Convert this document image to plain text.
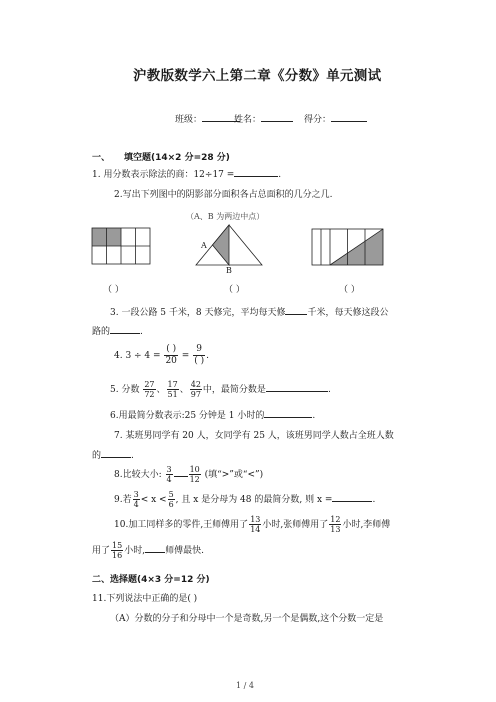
沪教版数学六上第二章《分数》单元测试
班级：	姓名：	得分：
一、 填空题(14×2 分=28 分)
1. 用分数表示除法的商：12÷17 =	.
2.写出下列图中的阴影部分面积各占总面积的几分之几.
（A、B 为两边中点）
A
B
（ ）	（ ）	（ ）
3. 一段公路 5 千米，8 天修完，平均每天修 千米，每天修这段公
路的	.
4. $3 \div 4 = \frac{( )}{20} = \frac{9}{( )}$ .
5. 分数 $\frac{27}{72}$ 、 $\frac{17}{51}$ 、 $\frac{42}{97}$ 中，最简分数是	.
6.用最简分数表示:25 分钟是 1 小时的	.
7. 某班男同学有 20 人，女同学有 25 人，该班男同学人数占全班人数
的	.
8.比较大小: $\frac{3}{4} \frac{10}{12}$ (填“>”或“<”)
9.若 $\frac{3}{4} < x < \frac{5}{6}$ , 且 x 是分母为 48 的最简分数, 则 x =	.
10.加工同样多的零件,王师傅用了 $\frac{13}{14}$ 小时,张师傅用了 $\frac{12}{13}$ 小时,李师傅
用了 $\frac{15}{16}$ 小时, 师傅最快.
二、选择题(4×3 分=12 分)
11.下列说法中正确的是( )
（A）分数的分子和分母中一个是奇数,另一个是偶数,这个分数一定是
1 / 4
